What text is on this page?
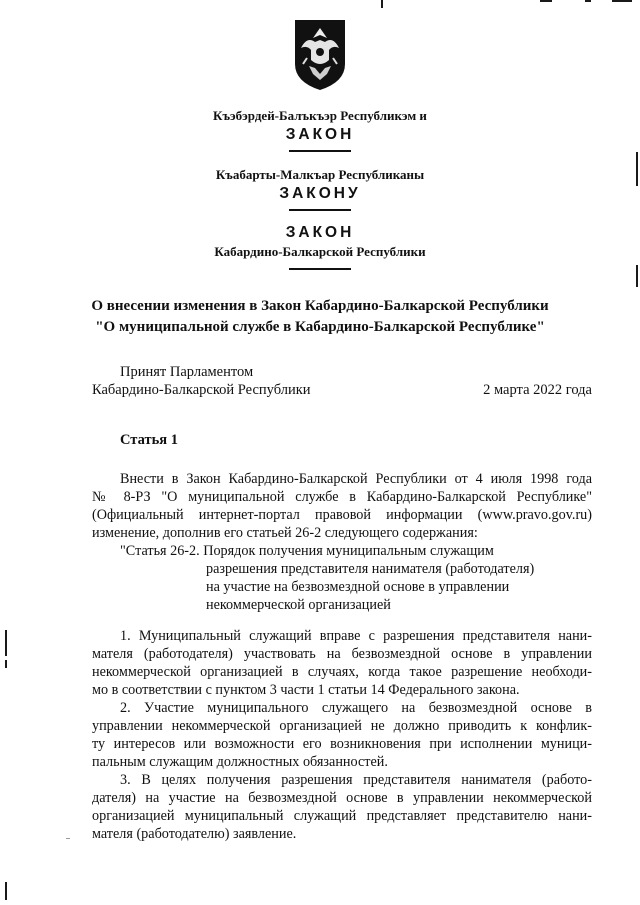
Къэбэрдей-Балъкъэр Республикэм и
ЗАКОН
Къабарты-Малкъар Республиканы
ЗАКОНУ
ЗАКОН
Кабардино-Балкарской Республики
О внесении изменения в Закон Кабардино-Балкарской Республики
"О муниципальной службе в Кабардино-Балкарской Республике"
Принят Парламентом
Кабардино-Балкарской Республики	2 марта 2022 года
Статья 1
Внести в Закон Кабардино-Балкарской Республики от 4 июля 1998 года
№ 8-РЗ "О муниципальной службе в Кабардино-Балкарской Республике"
(Официальный интернет-портал правовой информации (www.pravo.gov.ru)
изменение, дополнив его статьей 26-2 следующего содержания:
"Статья 26-2. Порядок получения муниципальным служащим
разрешения представителя нанимателя (работодателя)
на участие на безвозмездной основе в управлении
некоммерческой организацией
1. Муниципальный служащий вправе с разрешения представителя нани-
мателя (работодателя) участвовать на безвозмездной основе в управлении
некоммерческой организацией в случаях, когда такое разрешение необходи-
мо в соответствии с пунктом 3 части 1 статьи 14 Федерального закона.
2. Участие муниципального служащего на безвозмездной основе в
управлении некоммерческой организацией не должно приводить к конфлик-
ту интересов или возможности его возникновения при исполнении муници-
пальным служащим должностных обязанностей.
3. В целях получения разрешения представителя нанимателя (работо-
дателя) на участие на безвозмездной основе в управлении некоммерческой
организацией муниципальный служащий представляет представителю нани-
мателя (работодателю) заявление.
